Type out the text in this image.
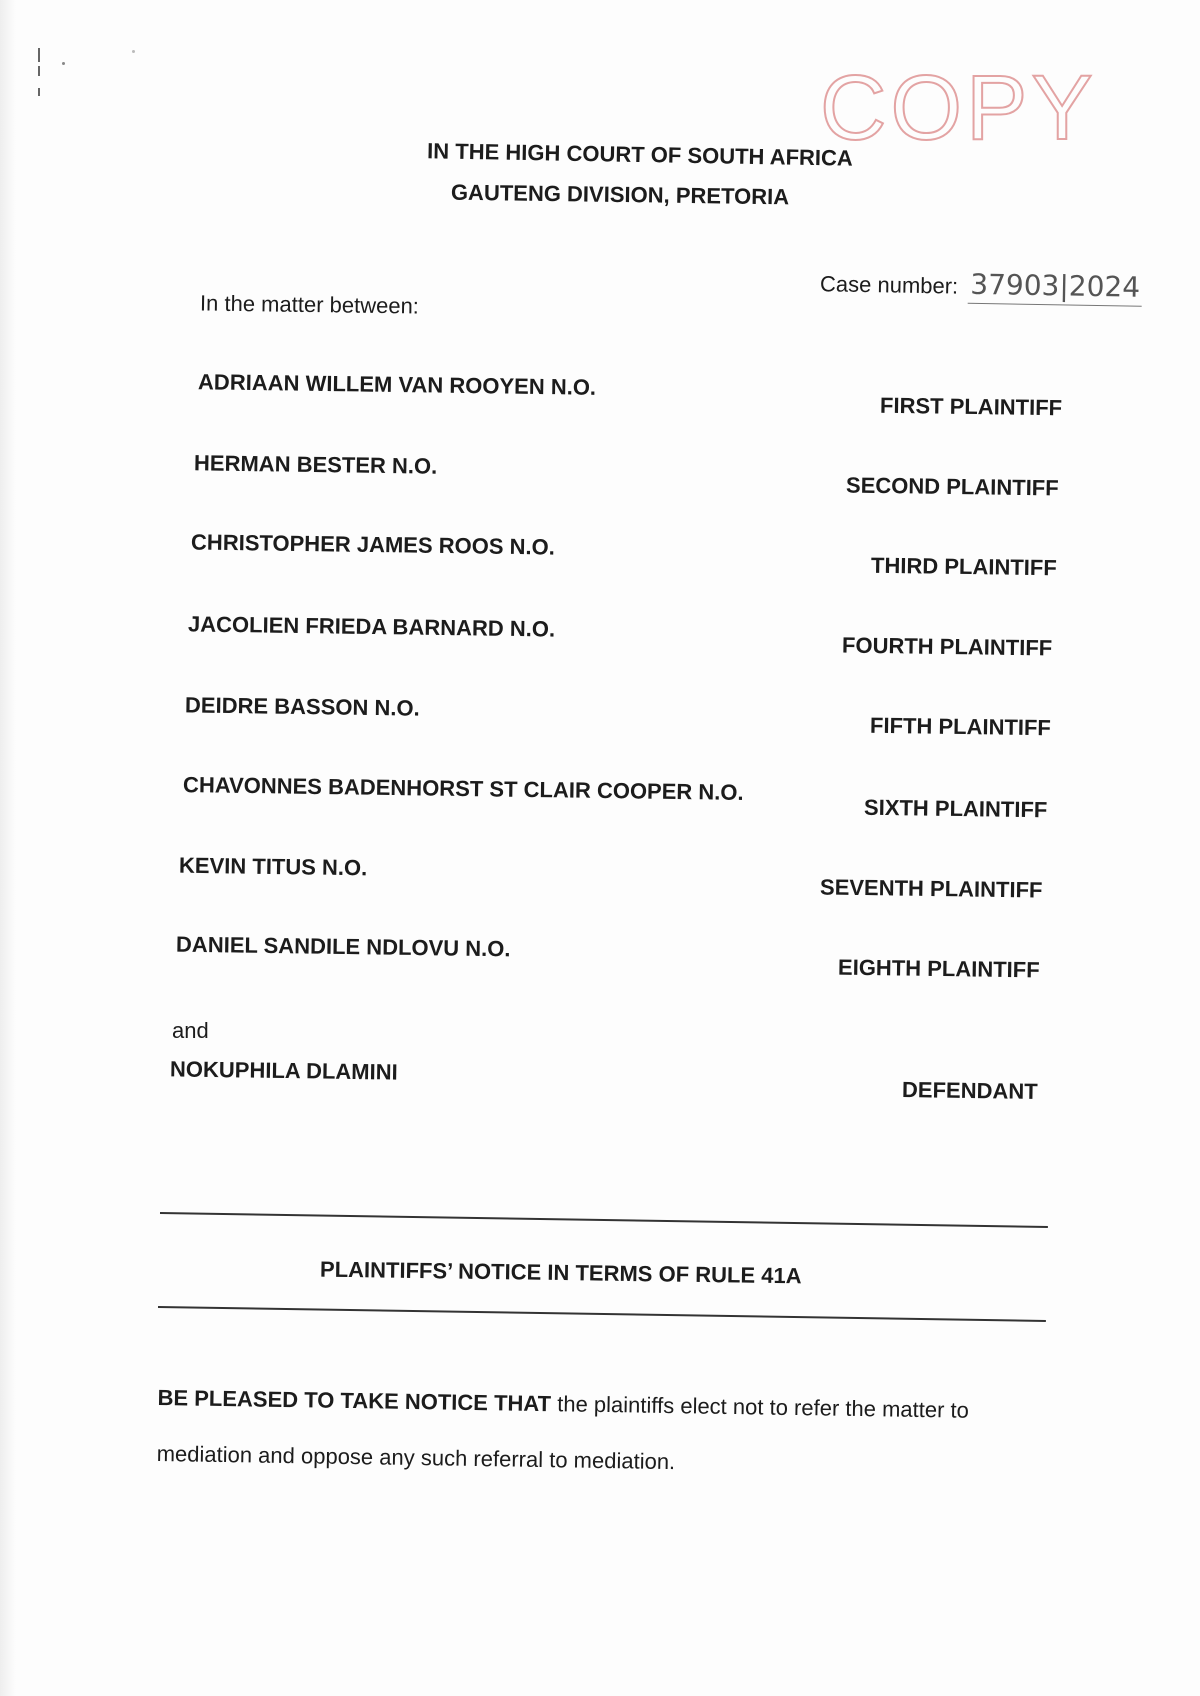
COPY
IN THE HIGH COURT OF SOUTH AFRICA
GAUTENG DIVISION, PRETORIA
Case number: 37903|2024
In the matter between:
ADRIAAN WILLEM VAN ROOYEN N.O.
FIRST PLAINTIFF
HERMAN BESTER N.O.
SECOND PLAINTIFF
CHRISTOPHER JAMES ROOS N.O.
THIRD PLAINTIFF
JACOLIEN FRIEDA BARNARD N.O.
FOURTH PLAINTIFF
DEIDRE BASSON N.O.
FIFTH PLAINTIFF
CHAVONNES BADENHORST ST CLAIR COOPER N.O.
SIXTH PLAINTIFF
KEVIN TITUS N.O.
SEVENTH PLAINTIFF
DANIEL SANDILE NDLOVU N.O.
EIGHTH PLAINTIFF
and
NOKUPHILA DLAMINI
DEFENDANT
PLAINTIFFS’ NOTICE IN TERMS OF RULE 41A
BE PLEASED TO TAKE NOTICE THAT the plaintiffs elect not to refer the matter to mediation and oppose any such referral to mediation.
